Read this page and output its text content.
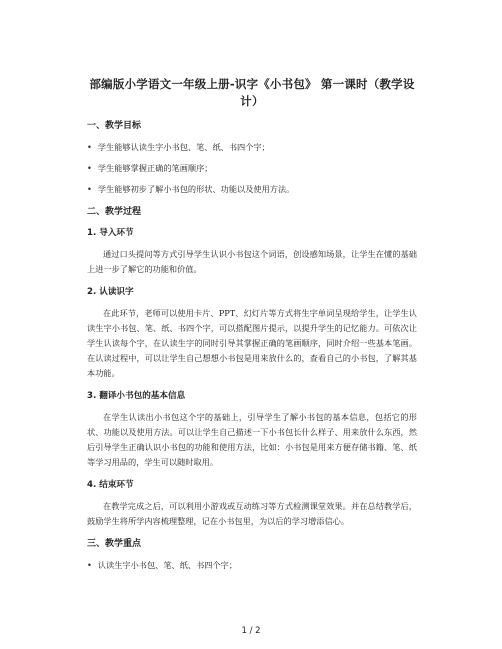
部编版小学语文一年级上册-识字《小书包》 第一课时（教学设计）
一、教学目标
• 学生能够认读生字小书包、笔、纸、书四个字；
• 学生能够掌握正确的笔画顺序；
• 学生能够初步了解小书包的形状、功能以及使用方法。
二、教学过程
1. 导入环节

通过口头提问等方式引导学生认识小书包这个词语，创设感知场景，让学生在懂的基础上进一步了解它的功能和价值。

2. 认读识字

在此环节，老师可以使用卡片、PPT、幻灯片等方式将生字单词呈现给学生，让学生认读生字小书包、笔、纸、书四个字，可以搭配图片提示，以提升学生的记忆能力。可依次让学生认读每个字，在认读生字的同时引导其掌握正确的笔画顺序，同时介绍一些基本笔画。在认读过程中，可以让学生自己想想小书包是用来放什么的，查看自己的小书包，了解其基本功能。

3. 翻译小书包的基本信息

在学生认读出小书包这个字的基础上，引导学生了解小书包的基本信息，包括它的形状、功能以及使用方法。可以让学生自己描述一下小书包长什么样子、用来放什么东西，然后引导学生正确认识小书包的功能和使用方法，比如：小书包是用来方便存储书籍、笔、纸等学习用品的，学生可以随时取用。

4. 结束环节

在教学完成之后，可以利用小游戏或互动练习等方式检测课堂效果。并在总结教学后，鼓励学生将所学内容梳理整理，记在小书包里，为以后的学习增添信心。

三、教学重点
• 认读生字小书包、笔、纸、书四个字；
1 / 2
